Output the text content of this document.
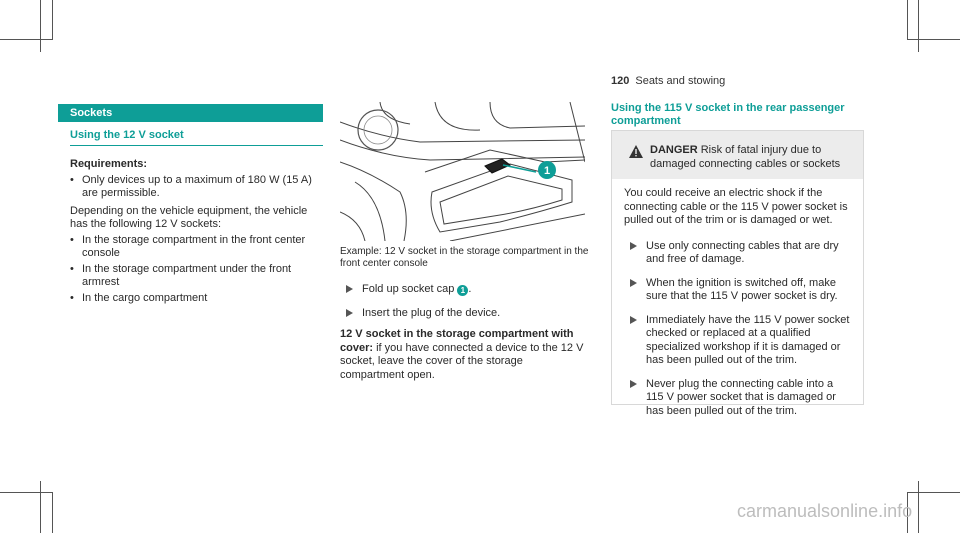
120 Seats and stowing
Sockets
Using the 12 V socket

Requirements:

• Only devices up to a maximum of 180 W (15 A) are permissible.

Depending on the vehicle equipment, the vehicle has the following 12 V sockets:

• In the storage compartment in the front center console

• In the storage compartment under the front armrest

• In the cargo compartment

1

Example: 12 V socket in the storage compartment in the front center console

Fold up socket cap 1 .
Insert the plug of the device.

12 V socket in the storage compartment with cover: if you have connected a device to the 12 V socket, leave the cover of the storage compartment open.

Using the 115 V socket in the rear passenger compartment
DANGER Risk of fatal injury due to damaged connecting cables or sockets

You could receive an electric shock if the connecting cable or the 115 V power socket is pulled out of the trim or is damaged or wet.

Use only connecting cables that are dry and free of damage.
When the ignition is switched off, make sure that the 115 V power socket is dry.
Immediately have the 115 V power socket checked or replaced at a qualified specialized workshop if it is damaged or has been pulled out of the trim.
Never plug the connecting cable into a 115 V power socket that is damaged or has been pulled out of the trim.
carmanualsonline.info
